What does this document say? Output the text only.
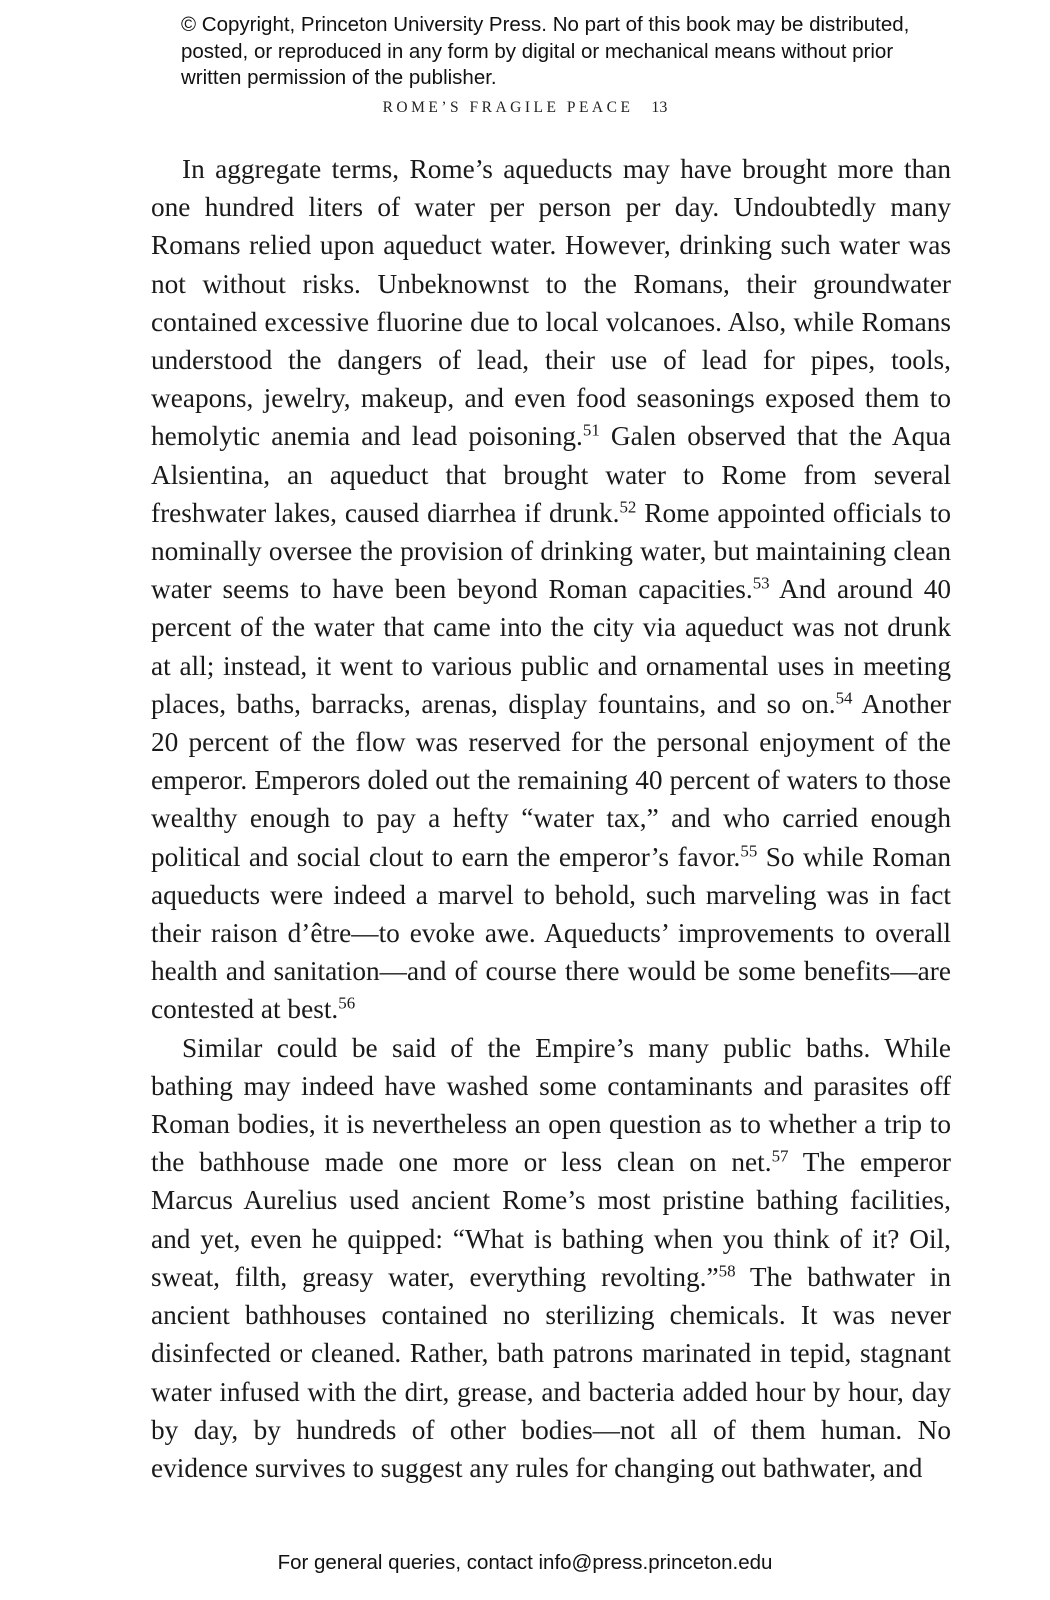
© Copyright, Princeton University Press. No part of this book may be distributed, posted, or reproduced in any form by digital or mechanical means without prior written permission of the publisher.
ROME’S FRAGILE PEACE 13

In aggregate terms, Rome’s aqueducts may have brought more than one hundred liters of water per person per day. Undoubtedly many Romans relied upon aqueduct water. However, drinking such water was not without risks. Unbeknownst to the Romans, their groundwater contained excessive fluorine due to local volcanoes. Also, while Romans understood the dangers of lead, their use of lead for pipes, tools, weapons, jewelry, makeup, and even food seasonings exposed them to hemolytic anemia and lead poisoning.$^{51}$ Galen observed that the Aqua Alsientina, an aqueduct that brought water to Rome from several freshwater lakes, caused diarrhea if drunk.$^{52}$ Rome appointed officials to nominally oversee the provision of drinking water, but maintaining clean water seems to have been beyond Roman capacities.$^{53}$ And around 40 percent of the water that came into the city via aqueduct was not drunk at all; instead, it went to various public and ornamental uses in meeting places, baths, barracks, arenas, display fountains, and so on.$^{54}$ Another 20 percent of the flow was reserved for the personal enjoyment of the emperor. Emperors doled out the remaining 40 percent of waters to those wealthy enough to pay a hefty “water tax,” and who carried enough political and social clout to earn the emperor’s favor.$^{55}$ So while Roman aqueducts were indeed a marvel to behold, such marveling was in fact their raison d’être—to evoke awe. Aqueducts’ improvements to overall health and sanitation—and of course there would be some benefits—are contested at best.$^{56}$

Similar could be said of the Empire’s many public baths. While bathing may indeed have washed some contaminants and parasites off Roman bodies, it is nevertheless an open question as to whether a trip to the bathhouse made one more or less clean on net.$^{57}$ The emperor Marcus Aurelius used ancient Rome’s most pristine bathing facilities, and yet, even he quipped: “What is bathing when you think of it? Oil, sweat, filth, greasy water, everything revolting.”$^{58}$ The bathwater in ancient bathhouses contained no sterilizing chemicals. It was never disinfected or cleaned. Rather, bath patrons marinated in tepid, stagnant water infused with the dirt, grease, and bacteria added hour by hour, day by day, by hundreds of other bodies—not all of them human. No evidence survives to suggest any rules for changing out bathwater, and

For general queries, contact info@press.princeton.edu
